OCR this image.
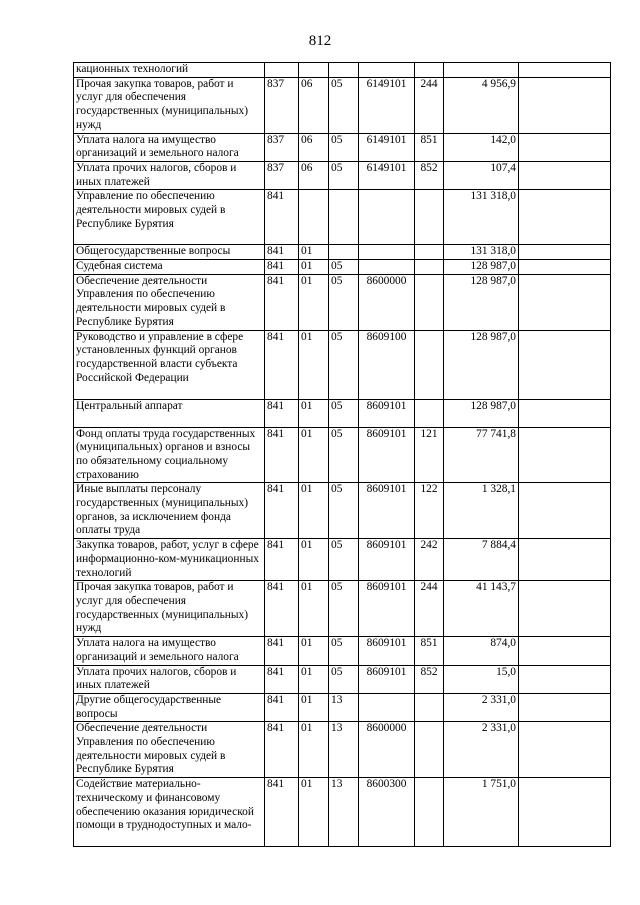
812
кационных технологий							
Прочая закупка товаров, работ и услуг для обеспечения государственных (муниципальных) нужд	837	06	05	6149101	244	4 956,9	
Уплата налога на имущество организаций и земельного налога	837	06	05	6149101	851	142,0	
Уплата прочих налогов, сборов и иных платежей	837	06	05	6149101	852	107,4	
Управление по обеспечению деятельности мировых судей в Республике Бурятия	841					131 318,0	
Общегосударственные вопросы	841	01				131 318,0	
Судебная система	841	01	05			128 987,0	
Обеспечение деятельности Управления по обеспечению деятельности мировых судей в Республике Бурятия	841	01	05	8600000		128 987,0	
Руководство и управление в сфере установленных функций органов государственной власти субъекта Российской Федерации	841	01	05	8609100		128 987,0	
Центральный аппарат	841	01	05	8609101		128 987,0	
Фонд оплаты труда государственных (муниципальных) органов и взносы по обязательному социальному страхованию	841	01	05	8609101	121	77 741,8	
Иные выплаты персоналу государственных (муниципальных) органов, за исключением фонда оплаты труда	841	01	05	8609101	122	1 328,1	
Закупка товаров, работ, услуг в сфере информационно-ком-муникационных технологий	841	01	05	8609101	242	7 884,4	
Прочая закупка товаров, работ и услуг для обеспечения государственных (муниципальных) нужд	841	01	05	8609101	244	41 143,7	
Уплата налога на имущество организаций и земельного налога	841	01	05	8609101	851	874,0	
Уплата прочих налогов, сборов и иных платежей	841	01	05	8609101	852	15,0	
Другие общегосударственные вопросы	841	01	13			2 331,0	
Обеспечение деятельности Управления по обеспечению деятельности мировых судей в Республике Бурятия	841	01	13	8600000		2 331,0	
Содействие материально-техническому и финансовому обеспечению оказания юридической помощи в труднодоступных и мало-	841	01	13	8600300		1 751,0	
